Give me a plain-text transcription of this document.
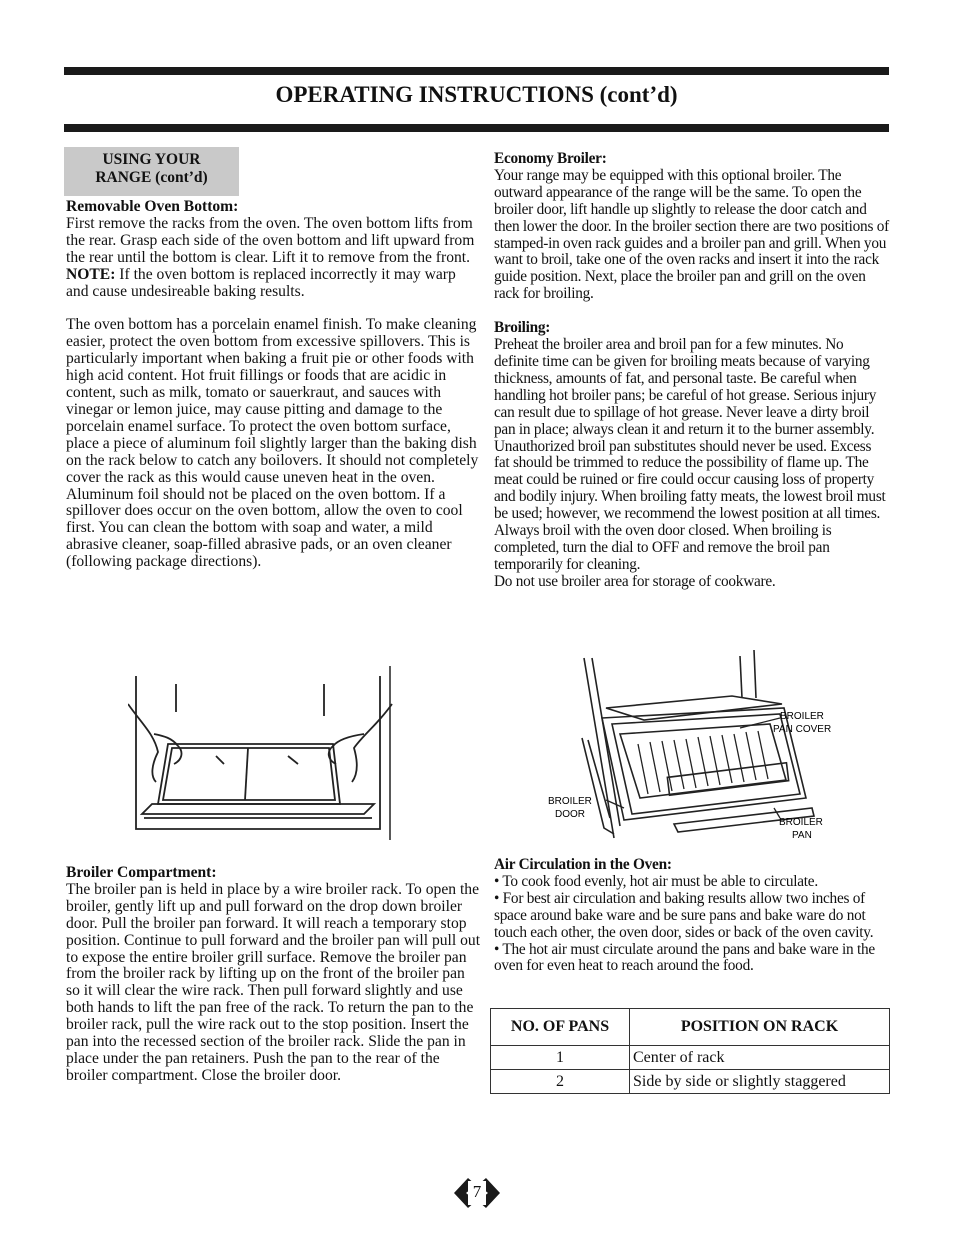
OPERATING INSTRUCTIONS (cont’d)
USING YOUR
RANGE (cont’d)
Removable Oven Bottom:

First remove the racks from the oven. The oven bottom lifts from the rear. Grasp each side of the oven bottom and lift upward from the rear until the bottom is clear. Lift it to remove from the front. NOTE: If the oven bottom is replaced incorrectly it may warp and cause undesireable baking results.

The oven bottom has a porcelain enamel finish. To make cleaning easier, protect the oven bottom from excessive spillovers. This is particularly important when baking a fruit pie or other foods with high acid content. Hot fruit fillings or foods that are acidic in content, such as milk, tomato or sauerkraut, and sauces with vinegar or lemon juice, may cause pitting and damage to the porcelain enamel surface. To protect the oven bottom surface, place a piece of aluminum foil slightly larger than the baking dish on the rack below to catch any boilovers. It should not completely cover the rack as this would cause uneven heat in the oven. Aluminum foil should not be placed on the oven bottom. If a spillover does occur on the oven bottom, allow the oven to cool first. You can clean the bottom with soap and water, a mild abrasive cleaner, soap-filled abrasive pads, or an oven cleaner (following package directions).

Broiler Compartment:

The broiler pan is held in place by a wire broiler rack. To open the broiler, gently lift up and pull forward on the drop down broiler door. Pull the broiler pan forward. It will reach a temporary stop position. Continue to pull forward and the broiler pan will pull out to expose the entire broiler grill surface. Remove the broiler pan from the broiler rack by lifting up on the front of the broiler pan so it will clear the wire rack. Then pull forward slightly and use both hands to lift the pan free of the rack. To return the pan to the broiler rack, pull the wire rack out to the stop position. Insert the pan into the recessed section of the broiler rack. Slide the pan in place under the pan retainers. Push the pan to the rear of the broiler compartment. Close the broiler door.

Economy Broiler:

Your range may be equipped with this optional broiler. The outward appearance of the range will be the same. To open the broiler door, lift handle up slightly to release the door catch and then lower the door. In the broiler section there are two positions of stamped-in oven rack guides and a broiler pan and grill. When you want to broil, take one of the oven racks and insert it into the rack guide position. Next, place the broiler pan and grill on the oven rack for broiling.

Broiling:

Preheat the broiler area and broil pan for a few minutes. No definite time can be given for broiling meats because of varying thickness, amounts of fat, and personal taste. Be careful when handling hot broiler pans; be careful of hot grease. Serious injury can result due to spillage of hot grease. Never leave a dirty broil pan in place; always clean it and return it to the burner assembly. Unauthorized broil pan substitutes should never be used. Excess fat should be trimmed to reduce the possibility of flame up. The meat could be ruined or fire could occur causing loss of property and bodily injury. When broiling fatty meats, the lowest broil must be used; however, we recommend the lowest position at all times. Always broil with the oven door closed. When broiling is completed, turn the dial to OFF and remove the broil pan temporarily for cleaning.

Do not use broiler area for storage of cookware.

BROILER
PAN COVER
BROILER
DOOR
BROILER
PAN
Air Circulation in the Oven:

• To cook food evenly, hot air must be able to circulate.

• For best air circulation and baking results allow two inches of space around bake ware and be sure pans and bake ware do not touch each other, the oven door, sides or back of the oven cavity.

• The hot air must circulate around the pans and bake ware in the oven for even heat to reach around the food.

NO. OF PANS	POSITION ON RACK
1	Center of rack
2	Side by side or slightly staggered
7
